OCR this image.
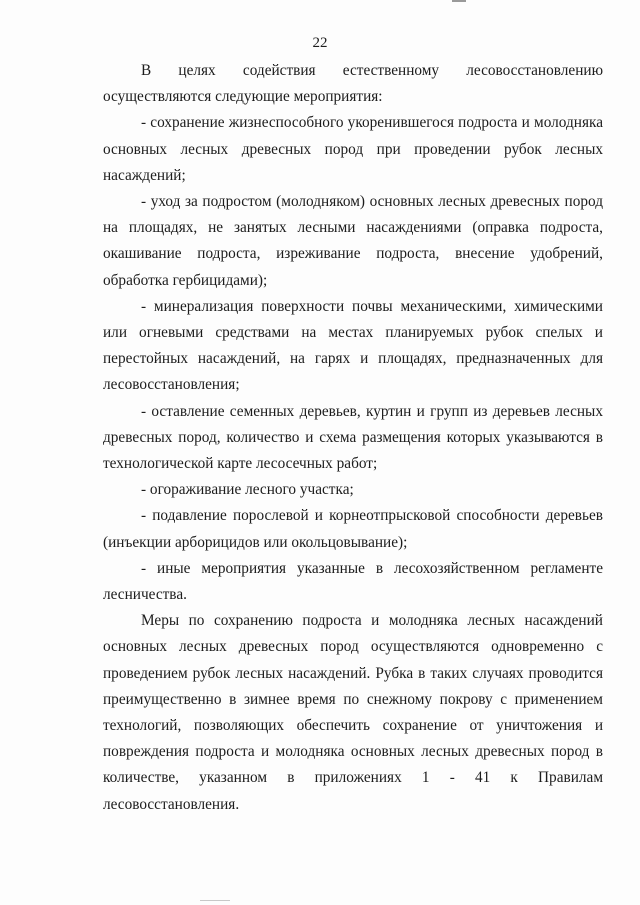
22

В целях содействия естественному лесовосстановлению осуществляются следующие мероприятия:

- сохранение жизнеспособного укоренившегося подроста и молодняка основных лесных древесных пород при проведении рубок лесных насаждений;

- уход за подростом (молодняком) основных лесных древесных пород на площадях, не занятых лесными насаждениями (оправка подроста, окашивание подроста, изреживание подроста, внесение удобрений, обработка гербицидами);

- минерализация поверхности почвы механическими, химическими или огневыми средствами на местах планируемых рубок спелых и перестойных насаждений, на гарях и площадях, предназначенных для лесовосстановления;

- оставление семенных деревьев, куртин и групп из деревьев лесных древесных пород, количество и схема размещения которых указываются в технологической карте лесосечных работ;

- огораживание лесного участка;

- подавление порослевой и корнеотпрысковой способности деревьев (инъекции арборицидов или окольцовывание);

- иные мероприятия указанные в лесохозяйственном регламенте лесничества.

Меры по сохранению подроста и молодняка лесных насаждений основных лесных древесных пород осуществляются одновременно с проведением рубок лесных насаждений. Рубка в таких случаях проводится преимущественно в зимнее время по снежному покрову с применением технологий, позволяющих обеспечить сохранение от уничтожения и повреждения подроста и молодняка основных лесных древесных пород в количестве, указанном в приложениях 1 - 41 к Правилам лесовосстановления.
